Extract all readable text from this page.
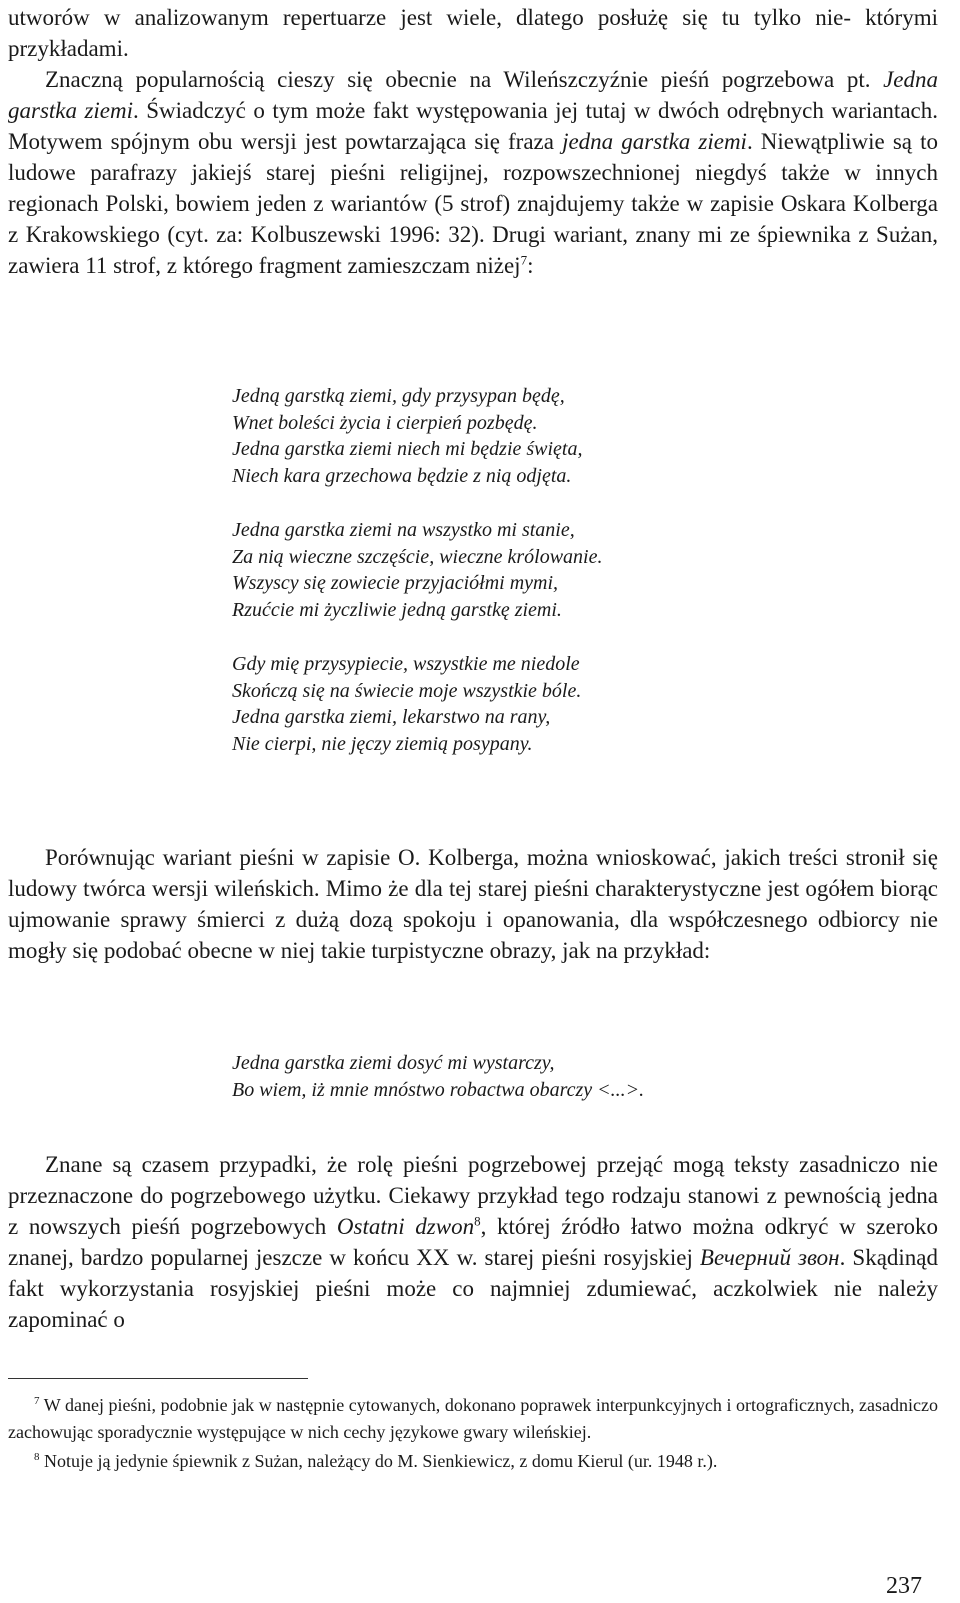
utworów w analizowanym repertuarze jest wiele, dlatego posłużę się tu tylko nie- którymi przykładami.

Znaczną popularnością cieszy się obecnie na Wileńszczyźnie pieśń pogrzebowa pt. Jedna garstka ziemi. Świadczyć o tym może fakt występowania jej tutaj w dwóch odrębnych wariantach. Motywem spójnym obu wersji jest powtarzająca się fraza jedna garstka ziemi. Niewątpliwie są to ludowe parafrazy jakiejś starej pieśni religijnej, rozpowszechnionej niegdyś także w innych regionach Polski, bowiem jeden z wariantów (5 strof) znajdujemy także w zapisie Oskara Kolberga z Krakowskiego (cyt. za: Kolbuszewski 1996: 32). Drugi wariant, znany mi ze śpiewnika z Sużan, zawiera 11 strof, z którego fragment zamieszczam niżej$^7$:

Jedną garstką ziemi, gdy przysypan będę,
Wnet boleści życia i cierpień pozbędę.
Jedna garstka ziemi niech mi będzie święta,
Niech kara grzechowa będzie z nią odjęta.
Jedna garstka ziemi na wszystko mi stanie,
Za nią wieczne szczęście, wieczne królowanie.
Wszyscy się zowiecie przyjaciółmi mymi,
Rzućcie mi życzliwie jedną garstkę ziemi.
Gdy mię przysypiecie, wszystkie me niedole
Skończą się na świecie moje wszystkie bóle.
Jedna garstka ziemi, lekarstwo na rany,
Nie cierpi, nie jęczy ziemią posypany.

Porównując wariant pieśni w zapisie O. Kolberga, można wnioskować, jakich treści stronił się ludowy twórca wersji wileńskich. Mimo że dla tej starej pieśni charakterystyczne jest ogółem biorąc ujmowanie sprawy śmierci z dużą dozą spokoju i opanowania, dla współczesnego odbiorcy nie mogły się podobać obecne w niej takie turpistyczne obrazy, jak na przykład:

Jedna garstka ziemi dosyć mi wystarczy,
Bo wiem, iż mnie mnóstwo robactwa obarczy <...>.

Znane są czasem przypadki, że rolę pieśni pogrzebowej przejąć mogą teksty zasadniczo nie przeznaczone do pogrzebowego użytku. Ciekawy przykład tego rodzaju stanowi z pewnością jedna z nowszych pieśń pogrzebowych Ostatni dzwon$^8$, której źródło łatwo można odkryć w szeroko znanej, bardzo popularnej jeszcze w końcu XX w. starej pieśni rosyjskiej Вечерний звон. Skądinąd fakt wykorzystania rosyjskiej pieśni może co najmniej zdumiewać, aczkolwiek nie należy zapominać o

$^7$ W danej pieśni, podobnie jak w następnie cytowanych, dokonano poprawek interpunkcyjnych i ortograficznych, zasadniczo zachowując sporadycznie występujące w nich cechy językowe gwary wileńskiej.

$^8$ Notuje ją jedynie śpiewnik z Sużan, należący do M. Sienkiewicz, z domu Kierul (ur. 1948 r.).

237
